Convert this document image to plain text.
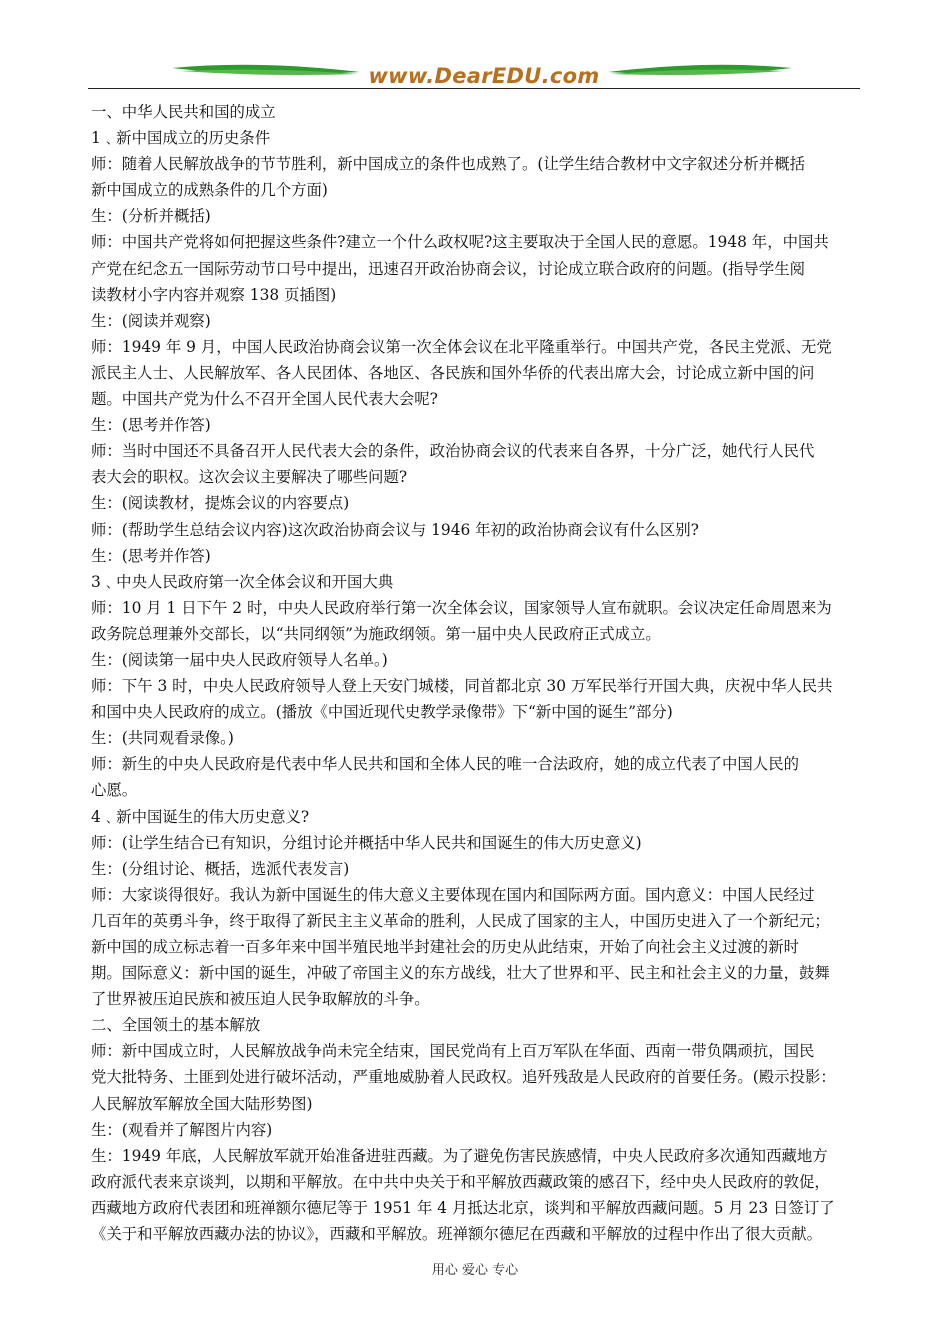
www.DearEDU.com
一、中华人民共和国的成立
1﹑新中国成立的历史条件
师：随着人民解放战争的节节胜利，新中国成立的条件也成熟了。(让学生结合教材中文字叙述分析并概括
新中国成立的成熟条件的几个方面)
生：(分析并概括)
师：中国共产党将如何把握这些条件?建立一个什么政权呢?这主要取决于全国人民的意愿。1948 年，中国共
产党在纪念五一国际劳动节口号中提出，迅速召开政治协商会议，讨论成立联合政府的问题。(指导学生阅
读教材小字内容并观察 138 页插图)
生：(阅读并观察)
师：1949 年 9 月，中国人民政治协商会议第一次全体会议在北平隆重举行。中国共产党，各民主党派、无党
派民主人士、人民解放军、各人民团体、各地区、各民族和国外华侨的代表出席大会，讨论成立新中国的问
题。中国共产党为什么不召开全国人民代表大会呢?
生：(思考并作答)
师：当时中国还不具备召开人民代表大会的条件，政治协商会议的代表来自各界，十分广泛，她代行人民代
表大会的职权。这次会议主要解决了哪些问题?
生：(阅读教材，提炼会议的内容要点)
师：(帮助学生总结会议内容)这次政治协商会议与 1946 年初的政治协商会议有什么区别?
生：(思考并作答)
3﹑中央人民政府第一次全体会议和开国大典
师：10 月 1 日下午 2 时，中央人民政府举行第一次全体会议，国家领导人宣布就职。会议决定任命周恩来为
政务院总理兼外交部长，以“共同纲领”为施政纲领。第一届中央人民政府正式成立。
生：(阅读第一届中央人民政府领导人名单。)
师：下午 3 时，中央人民政府领导人登上天安门城楼，同首都北京 30 万军民举行开国大典，庆祝中华人民共
和国中央人民政府的成立。(播放《中国近现代史教学录像带》下“新中国的诞生”部分)
生：(共同观看录像。)
师：新生的中央人民政府是代表中华人民共和国和全体人民的唯一合法政府，她的成立代表了中国人民的
心愿。
4﹑新中国诞生的伟大历史意义?
师：(让学生结合已有知识，分组讨论并概括中华人民共和国诞生的伟大历史意义)
生：(分组讨论、概括，选派代表发言)
师：大家谈得很好。我认为新中国诞生的伟大意义主要体现在国内和国际两方面。国内意义：中国人民经过
几百年的英勇斗争，终于取得了新民主主义革命的胜利，人民成了国家的主人，中国历史进入了一个新纪元；
新中国的成立标志着一百多年来中国半殖民地半封建社会的历史从此结束，开始了向社会主义过渡的新时
期。国际意义：新中国的诞生，冲破了帝国主义的东方战线，壮大了世界和平、民主和社会主义的力量，鼓舞
了世界被压迫民族和被压迫人民争取解放的斗争。
二、全国领土的基本解放
师：新中国成立时，人民解放战争尚未完全结束，国民党尚有上百万军队在华面、西南一带负隅顽抗，国民
党大批特务、土匪到处进行破坏活动，严重地威胁着人民政权。追歼残敌是人民政府的首要任务。(殿示投影：
人民解放军解放全国大陆形势图)
生：(观看并了解图片内容)
生：1949 年底，人民解放军就开始准备进驻西藏。为了避免伤害民族感情，中央人民政府多次通知西藏地方
政府派代表来京谈判，以期和平解放。在中共中央关于和平解放西藏政策的感召下，经中央人民政府的敦促，
西藏地方政府代表团和班禅额尔德尼等于 1951 年 4 月抵达北京，谈判和平解放西藏问题。5 月 23 日签订了
《关于和平解放西藏办法的协议》，西藏和平解放。班禅额尔德尼在西藏和平解放的过程中作出了很大贡献。
用心 爱心 专心
